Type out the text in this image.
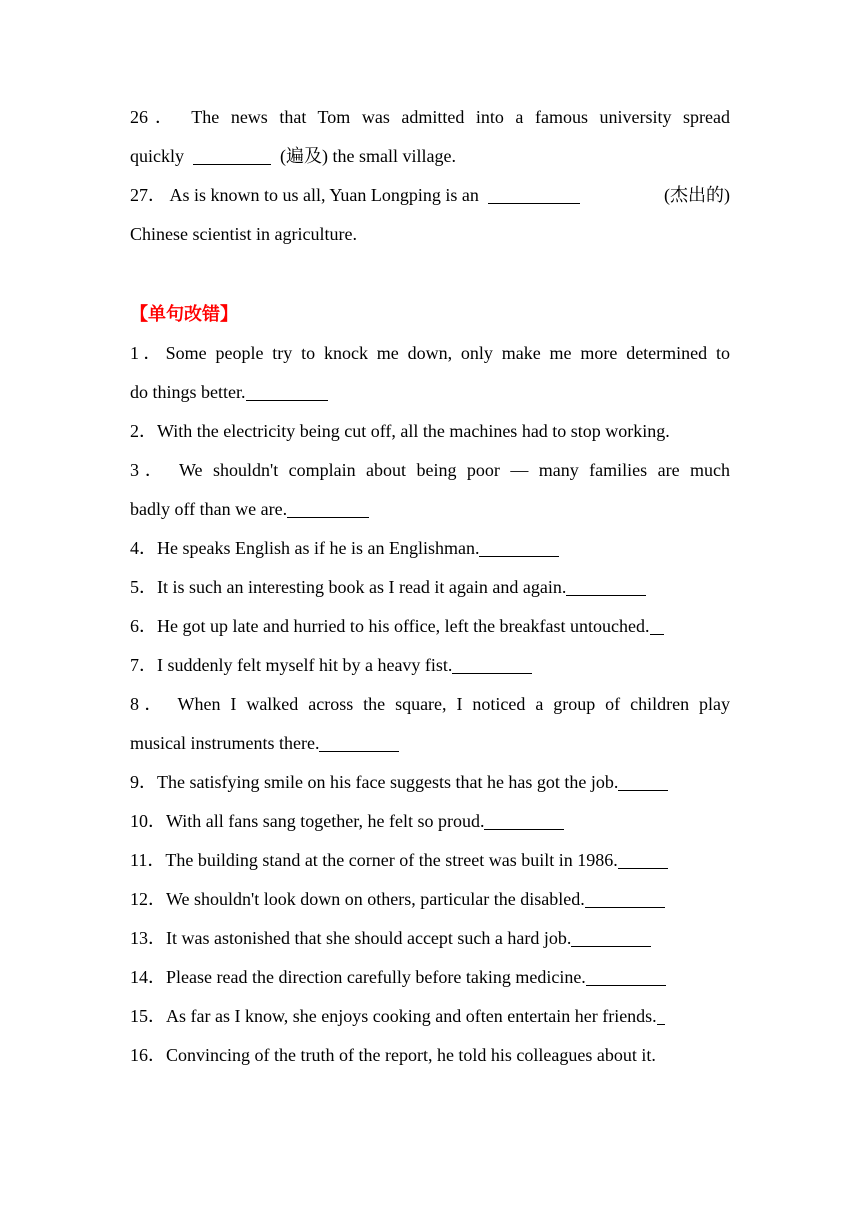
26． The news that Tom was admitted into a famous university spread
quickly	(遍及) the small village.
27． As is known to us all, Yuan Longping is an	(杰出的)
Chinese scientist in agriculture.
【单句改错】
1．Some people try to knock me down, only make me more determined to
do things better.
2．With the electricity being cut off, all the machines had to stop working.
3． We shouldn't complain about being poor — many families are much
badly off than we are.
4．He speaks English as if he is an Englishman.
5．It is such an interesting book as I read it again and again.
6．He got up late and hurried to his office, left the breakfast untouched.
7．I suddenly felt myself hit by a heavy fist.
8． When I walked across the square, I noticed a group of children play
musical instruments there.
9．The satisfying smile on his face suggests that he has got the job.
10．With all fans sang together, he felt so proud.
11．The building stand at the corner of the street was built in 1986.
12．We shouldn't look down on others, particular the disabled.
13．It was astonished that she should accept such a hard job.
14．Please read the direction carefully before taking medicine.
15．As far as I know, she enjoys cooking and often entertain her friends.
16．Convincing of the truth of the report, he told his colleagues about it.
